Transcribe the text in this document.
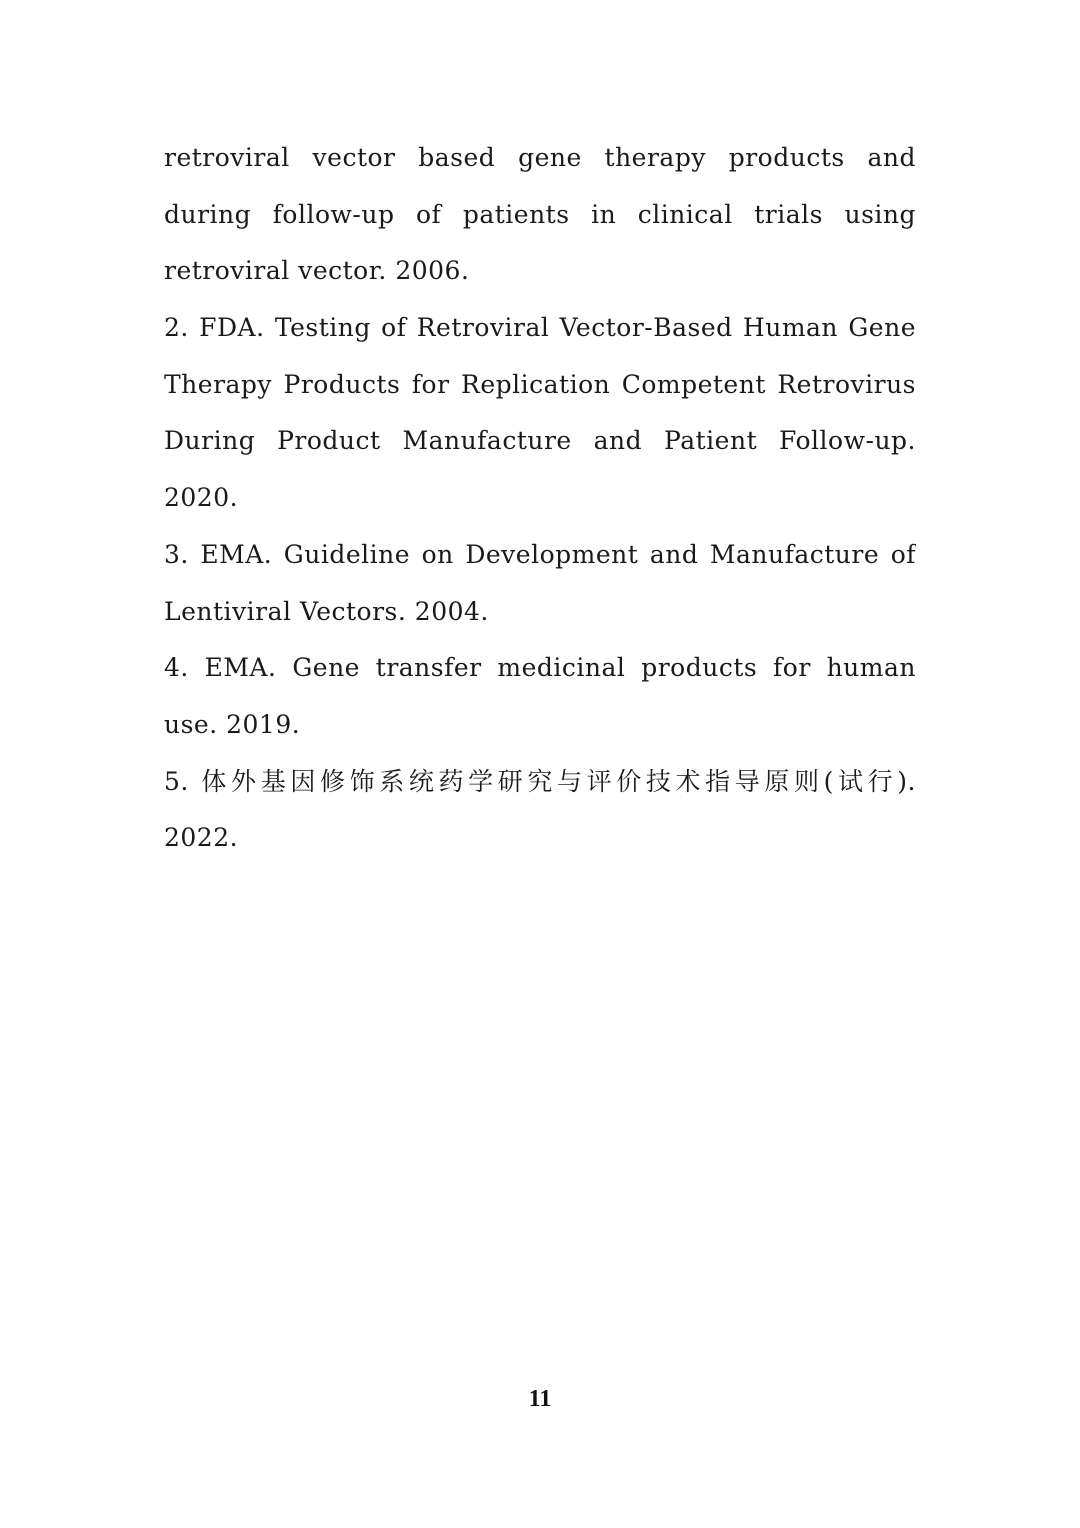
retroviral vector based gene therapy products and
during follow-up of patients in clinical trials using
retroviral vector. 2006.
2. FDA. Testing of Retroviral Vector-Based Human Gene
Therapy Products for Replication Competent Retrovirus
During Product Manufacture and Patient Follow-up.
2020.
3. EMA. Guideline on Development and Manufacture of
Lentiviral Vectors. 2004.
4. EMA. Gene transfer medicinal products for human
use. 2019.
5. 体外基因修饰系统药学研究与评价技术指导原则(试行).
2022.
11
